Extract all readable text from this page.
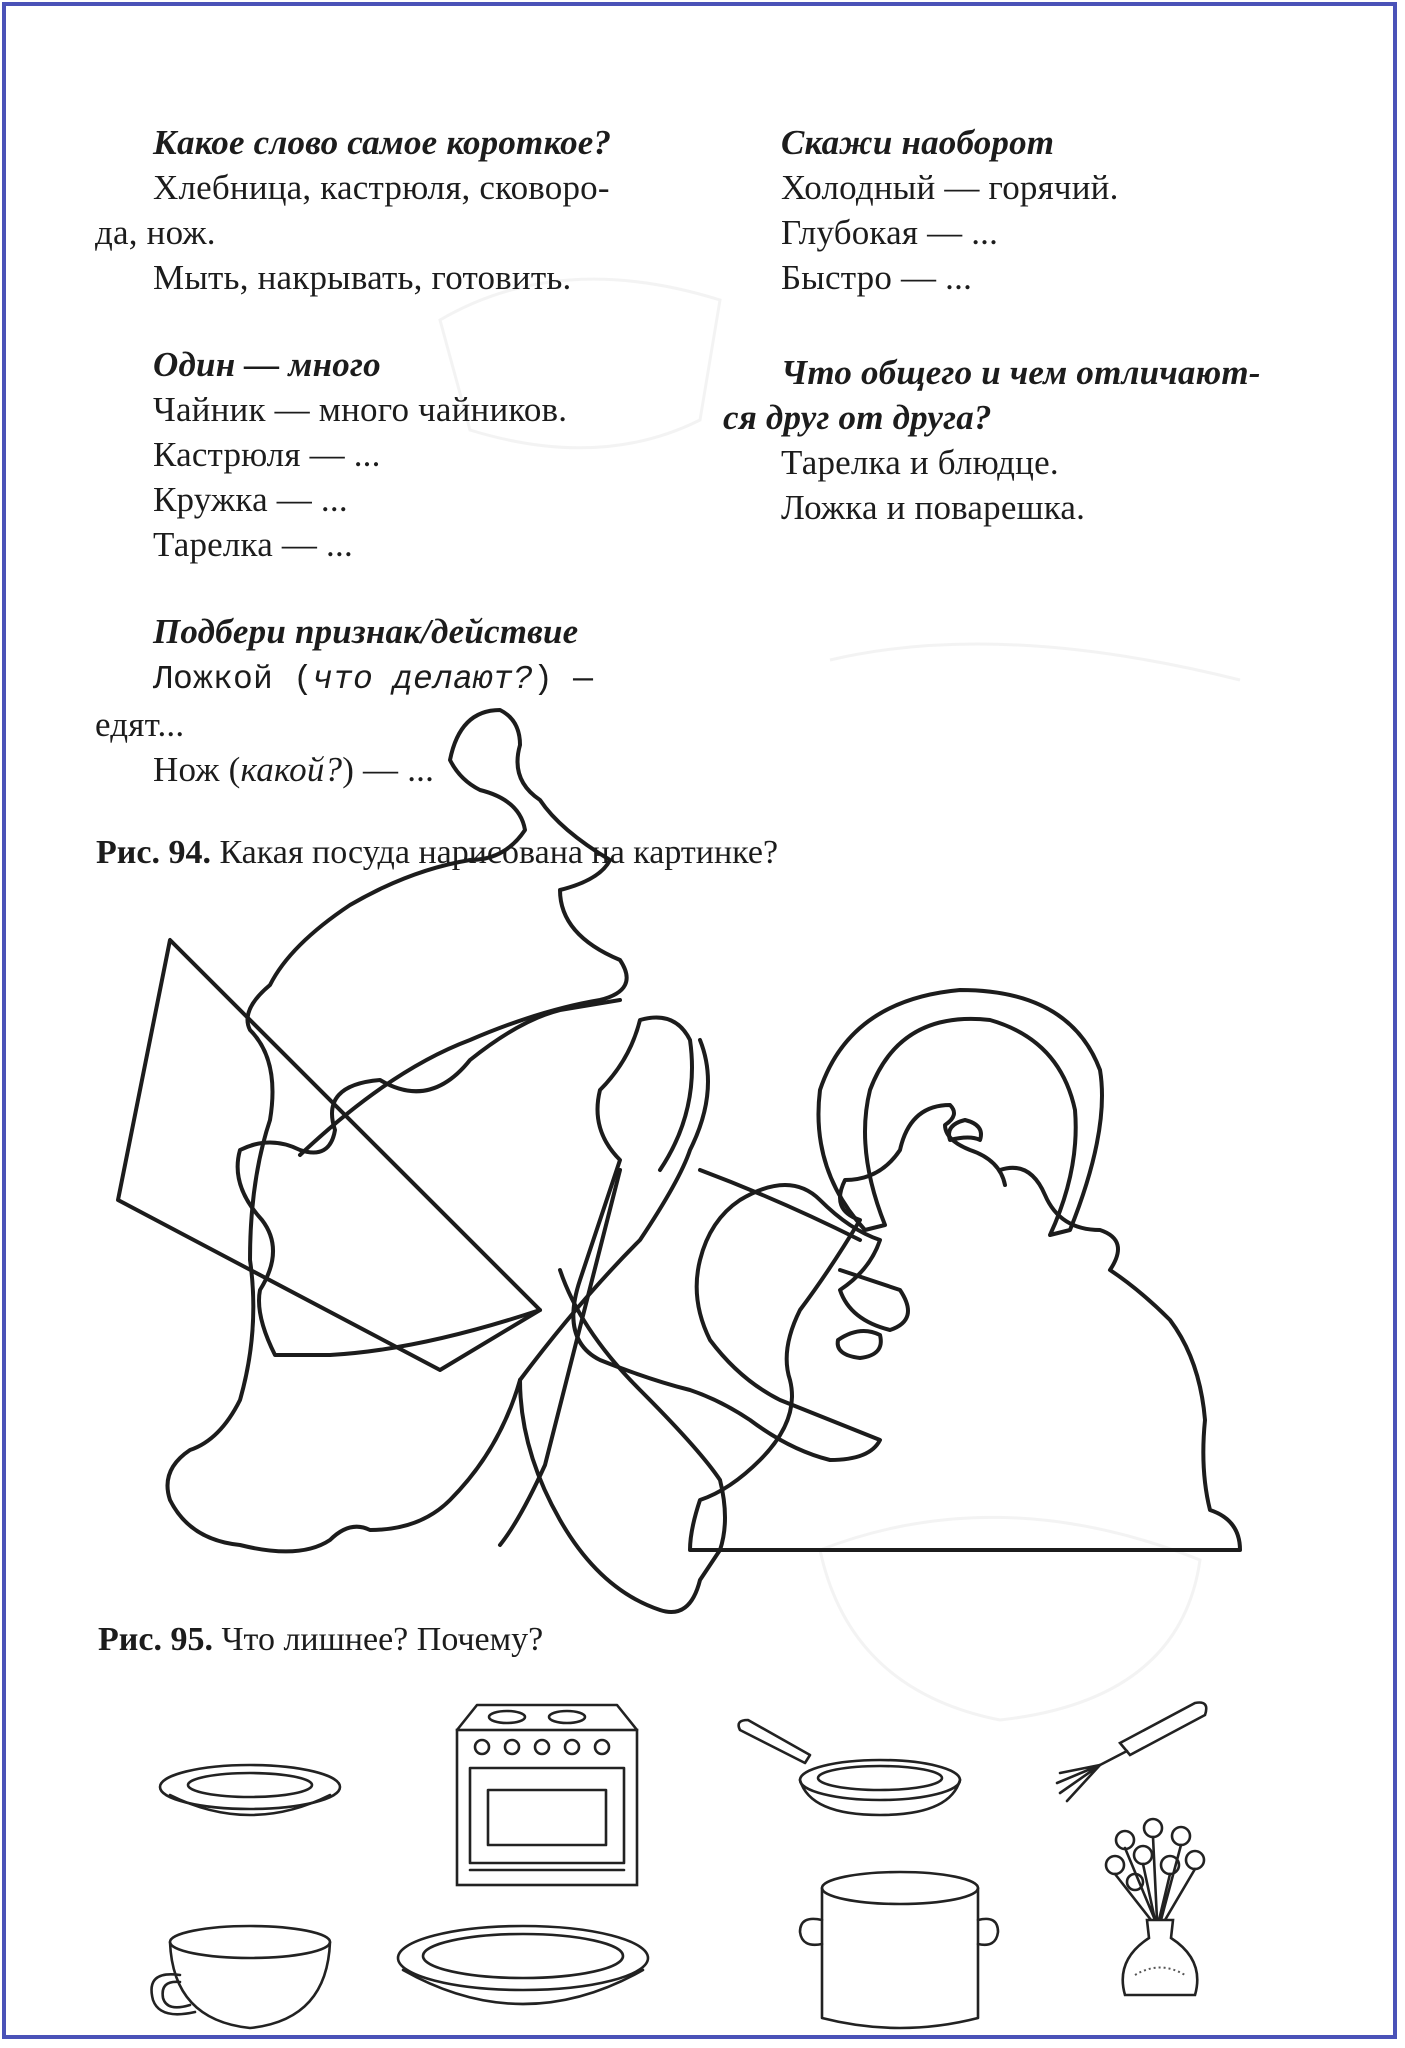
Какое слово самое короткое?

Хлебница, кастрюля, сковоро-

да, нож.

Мыть, накрывать, готовить.

Один — много

Чайник — много чайников.

Кастрюля — ...

Кружка — ...

Тарелка — ...

Подбери признак/действие

Ложкой (что делают?) —

едят...

Нож (какой?) — ...

Скажи наоборот

Холодный — горячий.

Глубокая — ...

Быстро — ...

Что общего и чем отличают-

ся друг от друга?

Тарелка и блюдце.

Ложка и поварешка.

Рис. 94. Какая посуда нарисована на картинке?
Рис. 95. Что лишнее? Почему?
